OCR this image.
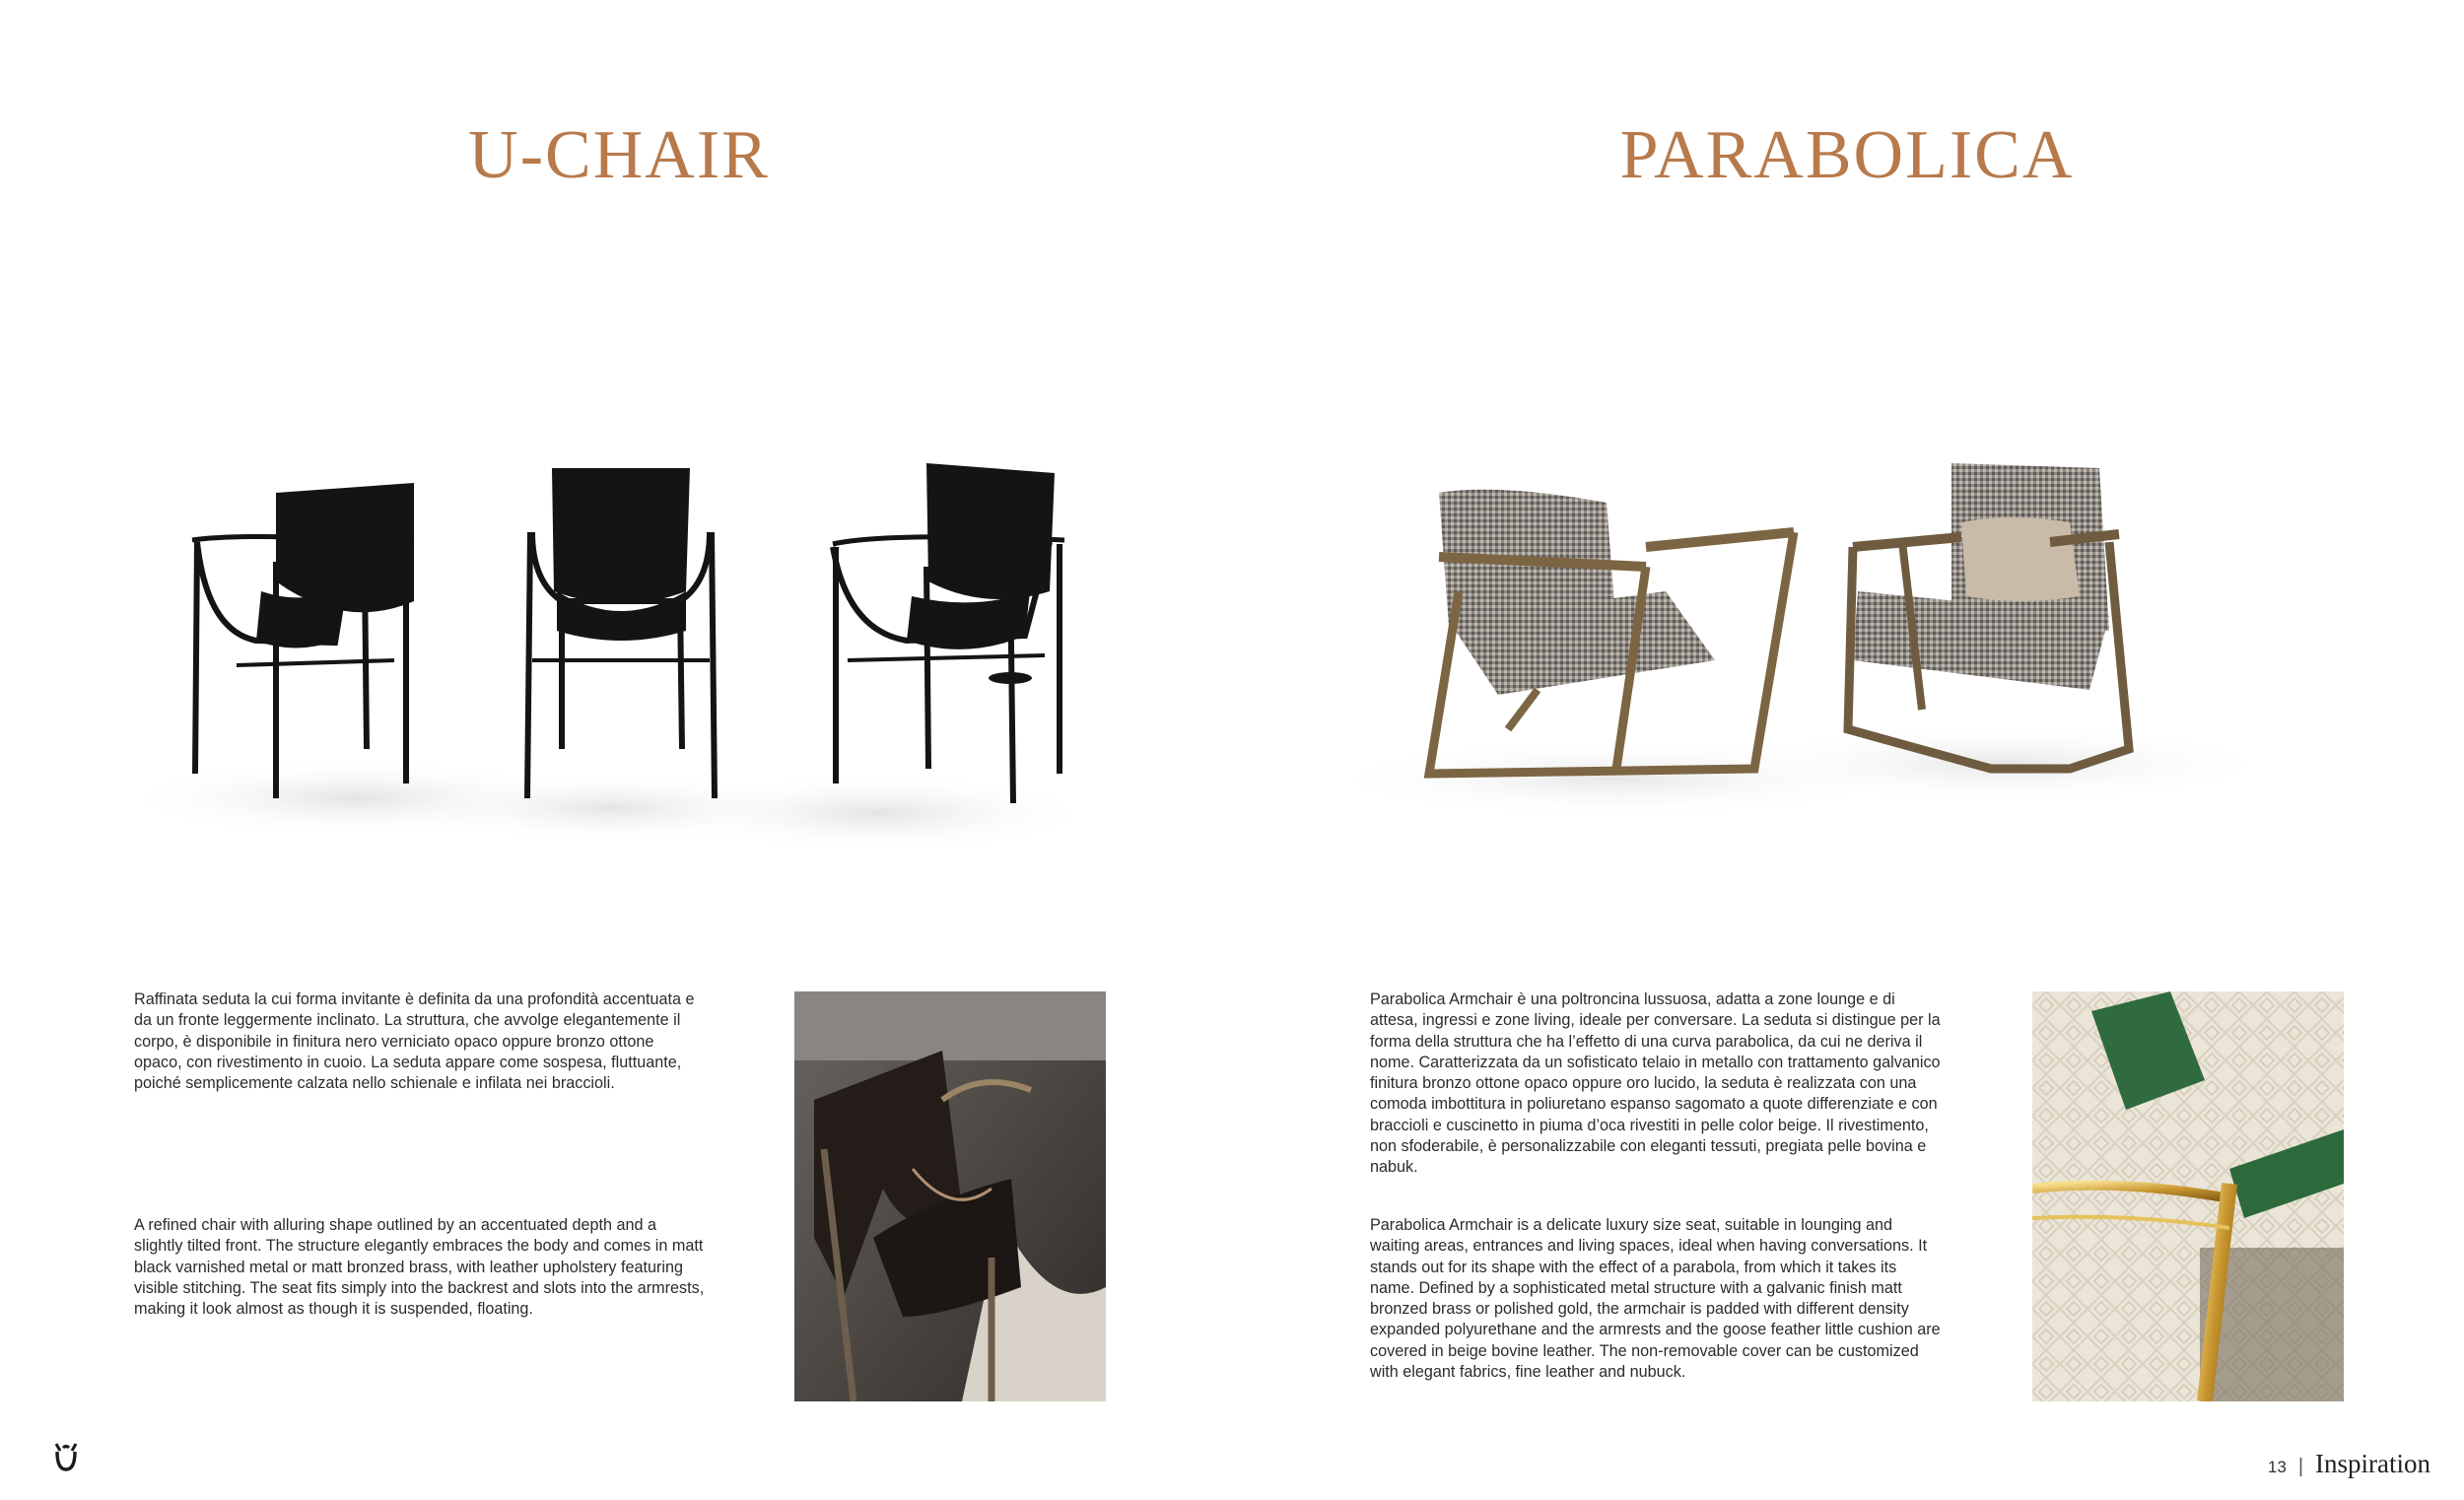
U-CHAIR

Raffinata seduta la cui forma invitante è definita da una profondità accentuata e da un fronte leggermente inclinato. La struttura, che avvolge elegantemente il corpo, è disponibile in finitura nero verniciato opaco oppure bronzo ottone opaco, con rivestimento in cuoio. La seduta appare come sospesa, fluttuante, poiché semplicemente calzata nello schienale e infilata nei braccioli.

A refined chair with alluring shape outlined by an accentuated depth and a slightly tilted front. The structure elegantly embraces the body and comes in matt black varnished metal or matt bronzed brass, with leather upholstery featuring visible stitching. The seat fits simply into the backrest and slots into the armrests, making it look almost as though it is suspended, floating.

PARABOLICA

Parabolica Armchair è una poltroncina lussuosa, adatta a zone lounge e di attesa, ingressi e zone living, ideale per conversare. La seduta si distingue per la forma della struttura che ha l’effetto di una curva parabolica, da cui ne deriva il nome. Caratterizzata da un sofisticato telaio in metallo con trattamento galvanico finitura bronzo ottone opaco oppure oro lucido, la seduta è realizzata con una comoda imbottitura in poliuretano espanso sagomato a quote differenziate e con braccioli e cuscinetto in piuma d’oca rivestiti in pelle color beige. Il rivestimento, non sfoderabile, è personalizzabile con eleganti tessuti, pregiata pelle bovina e nabuk.

Parabolica Armchair is a delicate luxury size seat, suitable in lounging and waiting areas, entrances and living spaces, ideal when having conversations. It stands out for its shape with the effect of a parabola, from which it takes its name. Defined by a sophisticated metal structure with a galvanic finish matt bronzed brass or polished gold, the armchair is padded with different density expanded polyurethane and the armrests and the goose feather little cushion are covered in beige bovine leather. The non-removable cover can be customized with elegant fabrics, fine leather and nubuck.

13 | Inspiration
